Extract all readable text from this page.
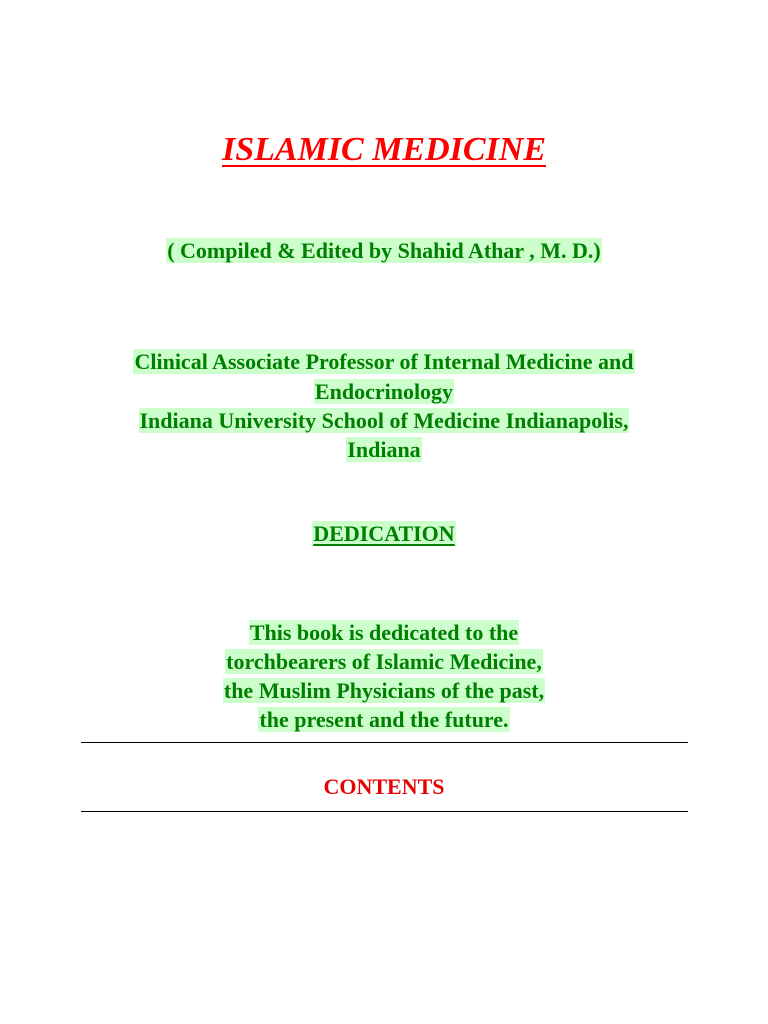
ISLAMIC MEDICINE
( Compiled & Edited by Shahid Athar , M. D.)
Clinical Associate Professor of Internal Medicine and
Endocrinology
Indiana University School of Medicine Indianapolis,
Indiana
DEDICATION
This book is dedicated to the
torchbearers of Islamic Medicine,
the Muslim Physicians of the past,
the present and the future.
CONTENTS
